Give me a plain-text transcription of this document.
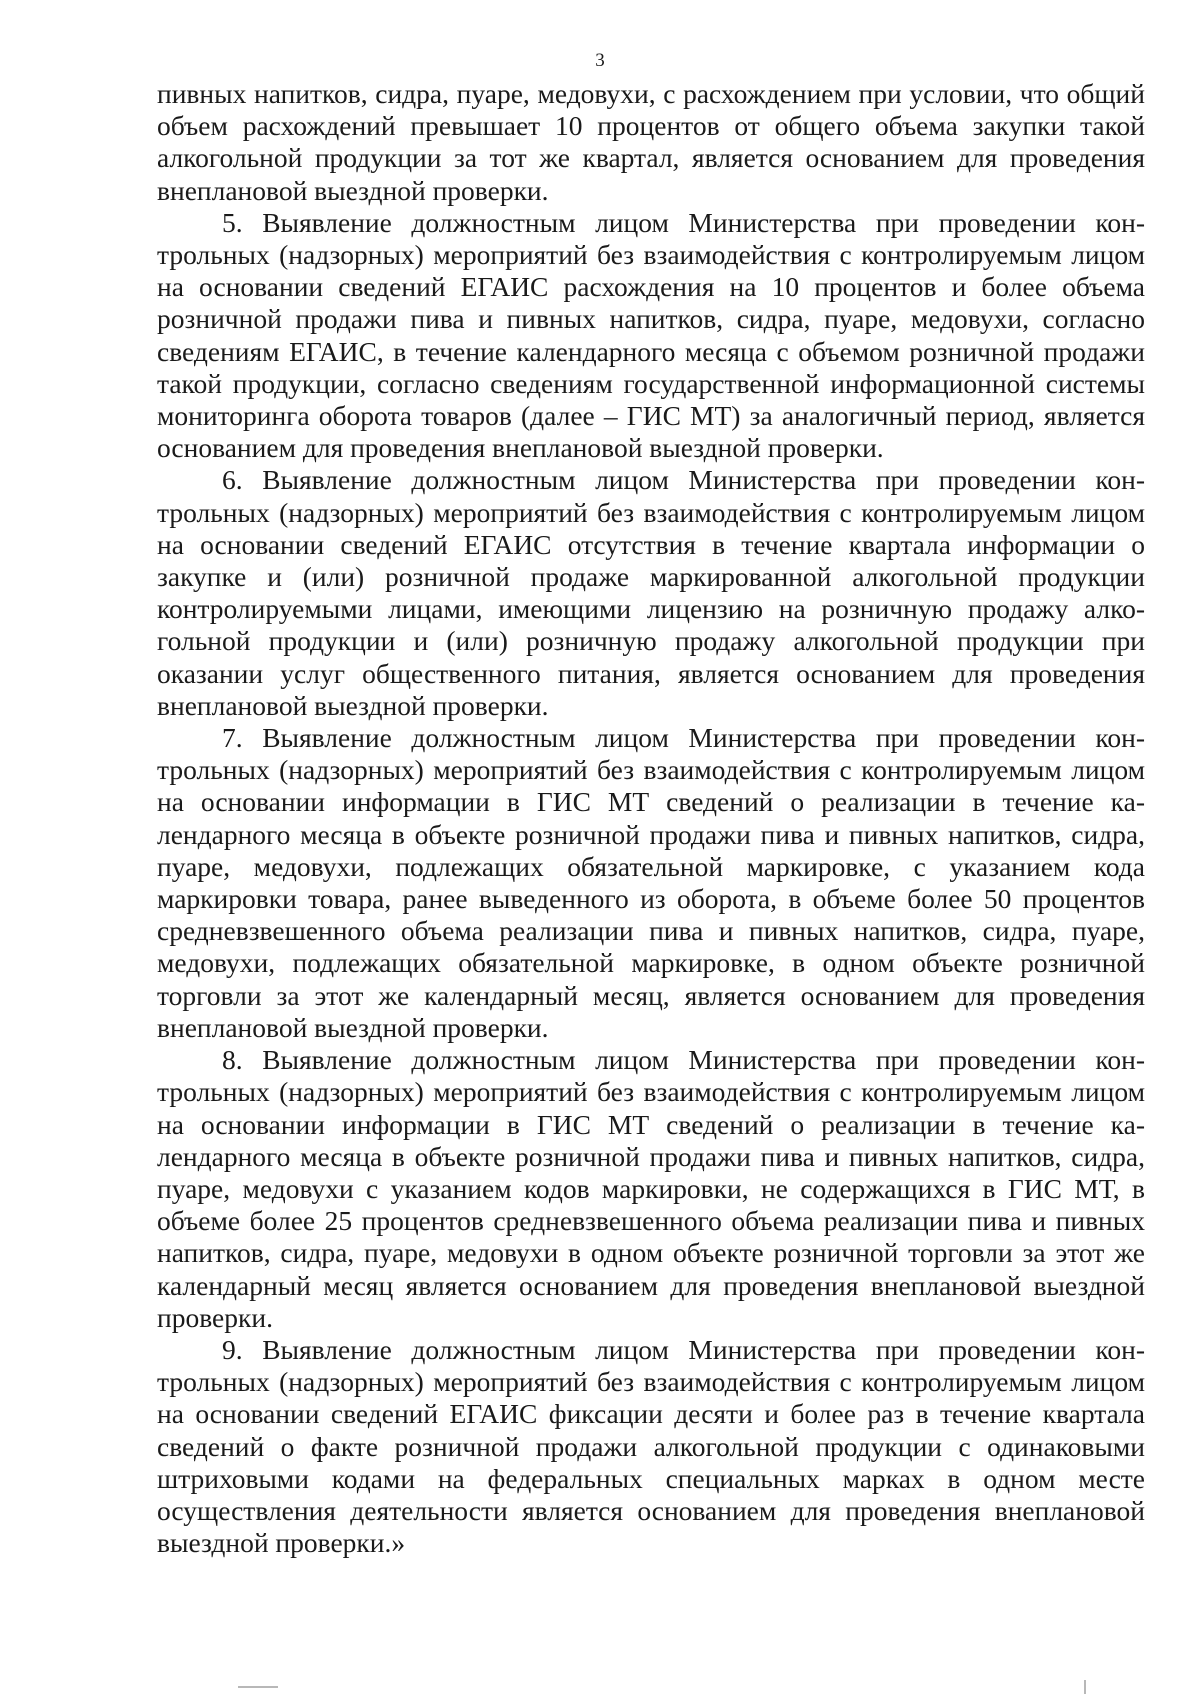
3

пивных напитков, сидра, пуаре, медовухи, с расхождением при условии, что общий объем расхождений превышает 10 процентов от общего объема закупки такой алкогольной продукции за тот же квартал, является основанием для проведения внеплановой выездной проверки.

5. Выявление должностным лицом Министерства при проведении контрольных (надзорных) мероприятий без взаимодействия с контролируемым лицом на основании сведений ЕГАИС расхождения на 10 процентов и более объема розничной продажи пива и пивных напитков, сидра, пуаре, медовухи, согласно сведениям ЕГАИС, в течение календарного месяца с объемом розничной продажи такой продукции, согласно сведениям государственной информационной системы мониторинга оборота товаров (далее – ГИС МТ) за аналогичный период, является основанием для проведения внеплановой выездной проверки.

6. Выявление должностным лицом Министерства при проведении контрольных (надзорных) мероприятий без взаимодействия с контролируемым лицом на основании сведений ЕГАИС отсутствия в течение квартала информации о закупке и (или) розничной продаже маркированной алкогольной продукции контролируемыми лицами, имеющими лицензию на розничную продажу алкогольной продукции и (или) розничную продажу алкогольной продукции при оказании услуг общественного питания, является основанием для проведения внеплановой выездной проверки.

7. Выявление должностным лицом Министерства при проведении контрольных (надзорных) мероприятий без взаимодействия с контролируемым лицом на основании информации в ГИС МТ сведений о реализации в течение календарного месяца в объекте розничной продажи пива и пивных напитков, сидра, пуаре, медовухи, подлежащих обязательной маркировке, с указанием кода маркировки товара, ранее выведенного из оборота, в объеме более 50 процентов средневзвешенного объема реализации пива и пивных напитков, сидра, пуаре, медовухи, подлежащих обязательной маркировке, в одном объекте розничной торговли за этот же календарный месяц, является основанием для проведения внеплановой выездной проверки.

8. Выявление должностным лицом Министерства при проведении контрольных (надзорных) мероприятий без взаимодействия с контролируемым лицом на основании информации в ГИС МТ сведений о реализации в течение календарного месяца в объекте розничной продажи пива и пивных напитков, сидра, пуаре, медовухи с указанием кодов маркировки, не содержащихся в ГИС МТ, в объеме более 25 процентов средневзвешенного объема реализации пива и пивных напитков, сидра, пуаре, медовухи в одном объекте розничной торговли за этот же календарный месяц является основанием для проведения внеплановой выездной проверки.

9. Выявление должностным лицом Министерства при проведении контрольных (надзорных) мероприятий без взаимодействия с контролируемым лицом на основании сведений ЕГАИС фиксации десяти и более раз в течение квартала сведений о факте розничной продажи алкогольной продукции с одинаковыми штриховыми кодами на федеральных специальных марках в одном месте осуществления деятельности является основанием для проведения внеплановой выездной проверки.»
